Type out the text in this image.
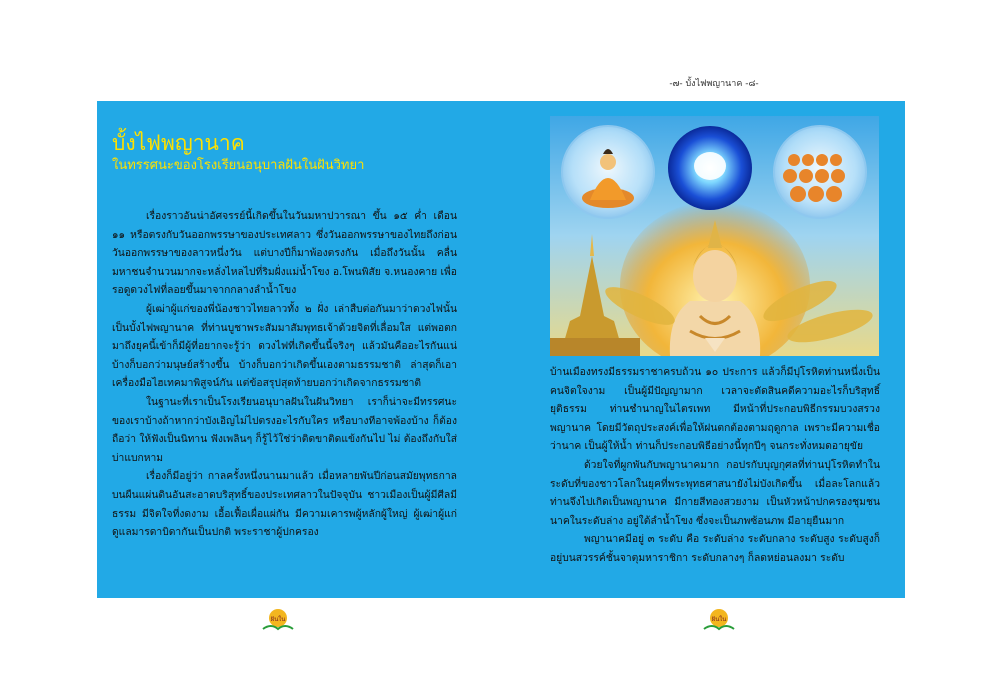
-๗- บั้งไฟพญานาค -๘-
บั้งไฟพญานาค
ในทรรศนะของโรงเรียนอนุบาลฝันในฝันวิทยา

เรื่องราวอันน่าอัศจรรย์นี้เกิดขึ้นในวันมหาปวารณา ขึ้น ๑๕ ค่ำ เดือน ๑๑ หรือตรงกับวันออกพรรษาของประเทศลาว ซึ่งวันออกพรรษาของไทยถึงก่อนวันออกพรรษาของลาวหนึ่งวัน แต่บางปีก็มาพ้องตรงกัน เมื่อถึงวันนั้น คลื่นมหาชนจำนวนมากจะหลั่งไหลไปที่ริมฝั่งแม่น้ำโขง อ.โพนพิสัย จ.หนองคาย เพื่อรอดูดวงไฟที่ลอยขึ้นมาจากกลางลำน้ำโขง

ผู้เฒ่าผู้แก่ของพี่น้องชาวไทยลาวทั้ง ๒ ฝั่ง เล่าสืบต่อกันมาว่าดวงไฟนั้นเป็นบั้งไฟพญานาค ที่ท่านบูชาพระสัมมาสัมพุทธเจ้าด้วยจิตที่เลื่อมใส แต่พอตกมาถึงยุคนี้เข้าก็มีผู้ที่อยากจะรู้ว่า ดวงไฟที่เกิดขึ้นนี้จริงๆ แล้วมันคืออะไรกันแน่ บ้างก็บอกว่ามนุษย์สร้างขึ้น บ้างก็บอกว่าเกิดขึ้นเองตามธรรมชาติ ล่าสุดก็เอาเครื่องมือไฮเทคมาพิสูจน์กัน แต่ข้อสรุปสุดท้ายบอกว่าเกิดจากธรรมชาติ

ในฐานะที่เราเป็นโรงเรียนอนุบาลฝันในฝันวิทยา เราก็น่าจะมีทรรศนะของเราบ้างถ้าหากว่าบังเอิญไม่ไปตรงอะไรกับใคร หรือบางทีอาจพ้องบ้าง ก็ต้องถือว่า ให้ฟังเป็นนิทาน ฟังเพลินๆ ก็รู้ไว้ใช่ว่าติดขาติดแข้งกันไป ไม่ ต้องถึงกับใส่บ่าแบกหาม

เรื่องก็มีอยู่ว่า กาลครั้งหนึ่งนานมาแล้ว เมื่อหลายพันปีก่อนสมัยพุทธกาล บนผืนแผ่นดินอันสะอาดบริสุทธิ์ของประเทศลาวในปัจจุบัน ชาวเมืองเป็นผู้มีศีลมีธรรม มีจิตใจที่งดงาม เอื้อเฟื้อเผื่อแผ่กัน มีความเคารพผู้หลักผู้ใหญ่ ผู้เฒ่าผู้แก่ ดูแลมารดาบิดากันเป็นปกติ พระราชาผู้ปกครอง

บ้านเมืองทรงมีธรรมราชาครบถ้วน ๑๐ ประการ แล้วก็มีปุโรหิตท่านหนึ่งเป็นคนจิตใจงาม เป็นผู้มีปัญญามาก เวลาจะตัดสินคดีความอะไรก็บริสุทธิ์ยุติธรรม ท่านชำนาญในไตรเพท มีหน้าที่ประกอบพิธีกรรมบวงสรวงพญานาค โดยมีวัตถุประสงค์เพื่อให้ฝนตกต้องตามฤดูกาล เพราะมีความเชื่อว่านาค เป็นผู้ให้น้ำ ท่านก็ประกอบพิธีอย่างนี้ทุกปีๆ จนกระทั่งหมดอายุขัย

ด้วยใจที่ผูกพันกับพญานาคมาก กอปรกับบุญกุศลที่ท่านปุโรหิตทำในระดับที่ของชาวโลกในยุคที่พระพุทธศาสนายังไม่บังเกิดขึ้น เมื่อละโลกแล้ว ท่านจึงไปเกิดเป็นพญานาค มีกายสีทองสวยงาม เป็นหัวหน้าปกครองชุมชนนาคในระดับล่าง อยู่ใต้ลำน้ำโขง ซึ่งจะเป็นภพซ้อนภพ มีอายุยืนมาก

พญานาคมีอยู่ ๓ ระดับ คือ ระดับล่าง ระดับกลาง ระดับสูง ระดับสูงก็อยู่บนสวรรค์ชั้นจาตุมหาราชิกา ระดับกลางๆ ก็ลดหย่อนลงมา ระดับ

ฝันใน	ฝันใน
